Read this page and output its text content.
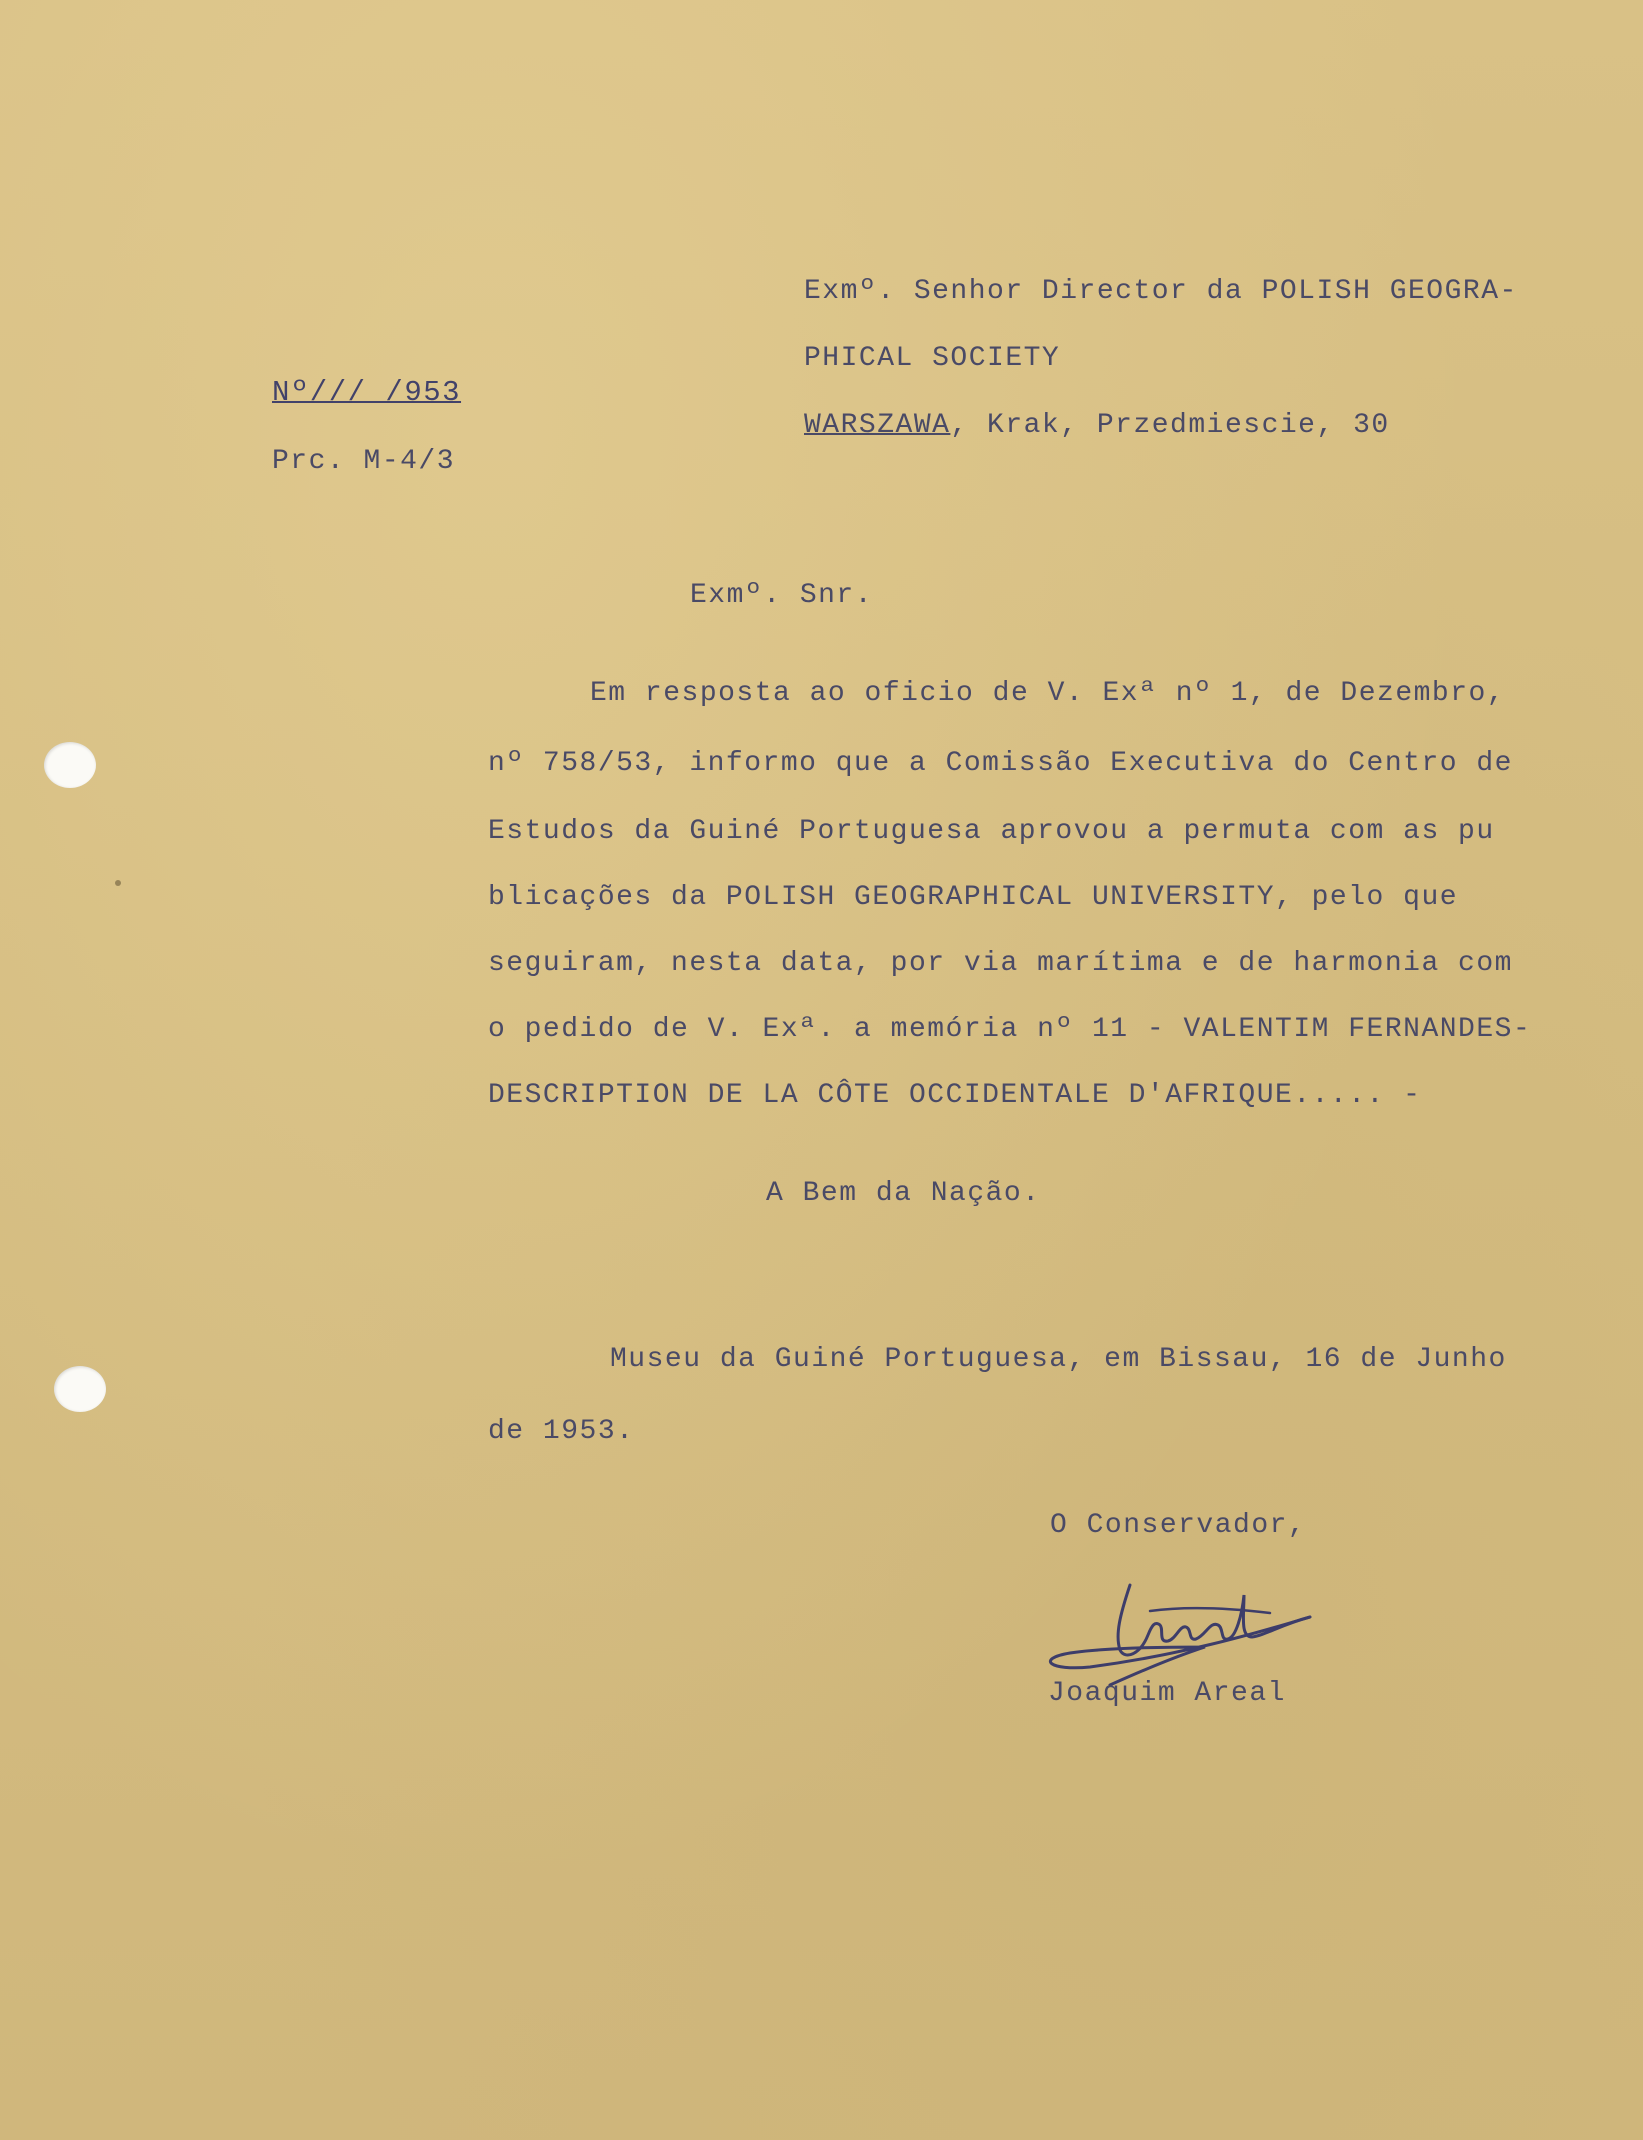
Nº/// /953
Prc. M-4/3
Exmº. Senhor Director da POLISH GEOGRA-
PHICAL SOCIETY
WARSZAWA, Krak, Przedmiescie, 30
Exmº. Snr.
Em resposta ao oficio de V. Exª nº 1, de Dezembro,
nº 758/53, informo que a Comissão Executiva do Centro de
Estudos da Guiné Portuguesa aprovou a permuta com as pu
blicações da POLISH GEOGRAPHICAL UNIVERSITY, pelo que
seguiram, nesta data, por via marítima e de harmonia com
o pedido de V. Exª. a memória nº 11 - VALENTIM FERNANDES-
DESCRIPTION DE LA CÔTE OCCIDENTALE D'AFRIQUE..... -
A Bem da Nação.
Museu da Guiné Portuguesa, em Bissau, 16 de Junho
de 1953.
O Conservador,
Joaquim Areal
